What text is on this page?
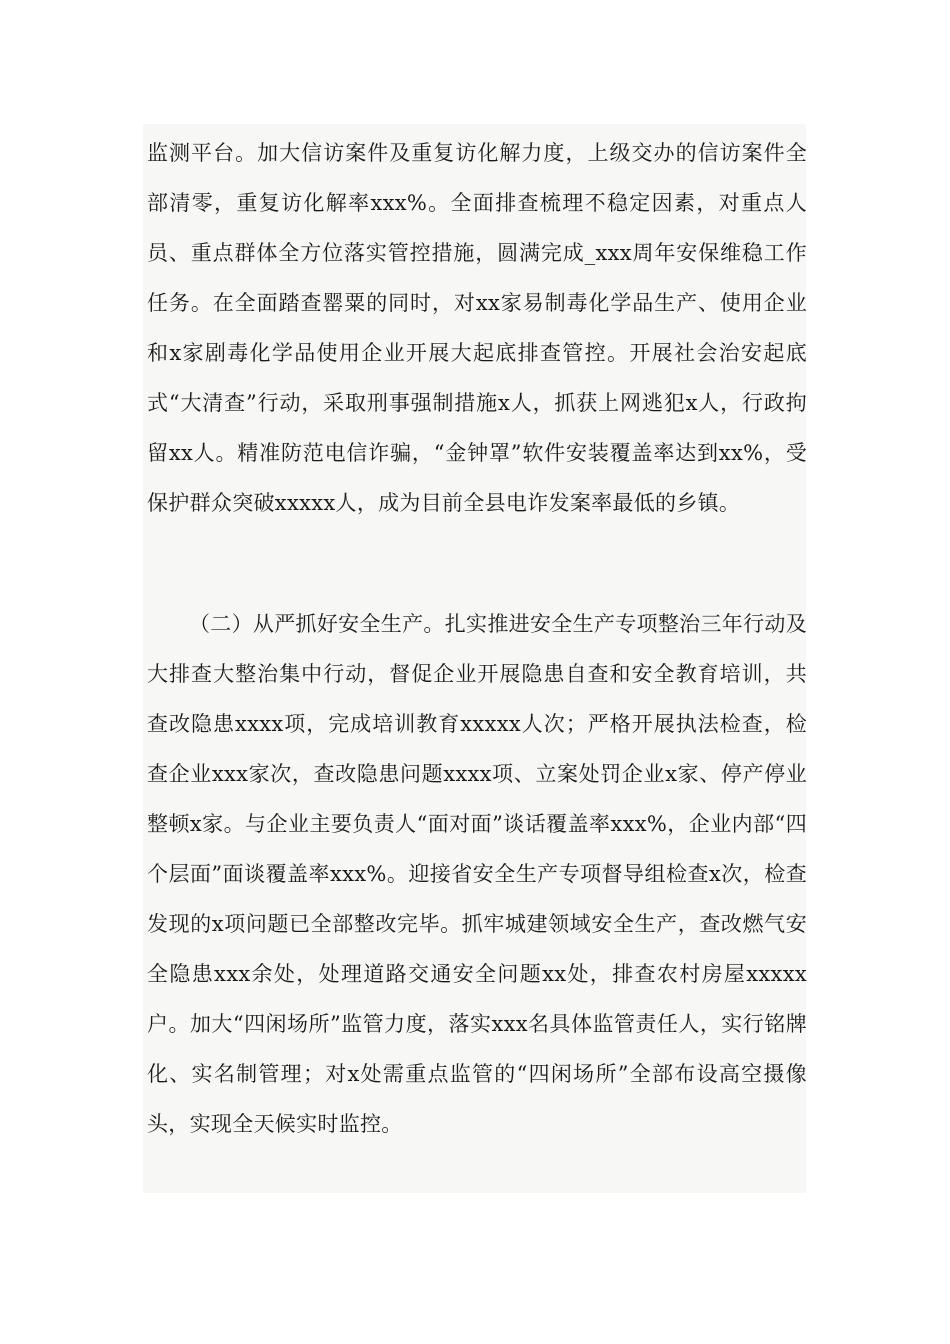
监测平台。加大信访案件及重复访化解力度，上级交办的信访案件全部清零，重复访化解率xxx%。全面排查梳理不稳定因素，对重点人员、重点群体全方位落实管控措施，圆满完成_xxx周年安保维稳工作任务。在全面踏查罂粟的同时，对xx家易制毒化学品生产、使用企业和x家剧毒化学品使用企业开展大起底排查管控。开展社会治安起底式“大清查”行动，采取刑事强制措施x人，抓获上网逃犯x人，行政拘留xx人。精准防范电信诈骗，“金钟罩”软件安装覆盖率达到xx%，受保护群众突破xxxxx人，成为目前全县电诈发案率最低的乡镇。

（二）从严抓好安全生产。扎实推进安全生产专项整治三年行动及大排查大整治集中行动，督促企业开展隐患自查和安全教育培训，共查改隐患xxxx项，完成培训教育xxxxx人次；严格开展执法检查，检查企业xxx家次，查改隐患问题xxxx项、立案处罚企业x家、停产停业整顿x家。与企业主要负责人“面对面”谈话覆盖率xxx%，企业内部“四个层面”面谈覆盖率xxx%。迎接省安全生产专项督导组检查x次，检查发现的x项问题已全部整改完毕。抓牢城建领域安全生产，查改燃气安全隐患xxx余处，处理道路交通安全问题xx处，排查农村房屋xxxxx户。加大“四闲场所”监管力度，落实xxx名具体监管责任人，实行铭牌化、实名制管理；对x处需重点监管的“四闲场所”全部布设高空摄像头，实现全天候实时监控。
